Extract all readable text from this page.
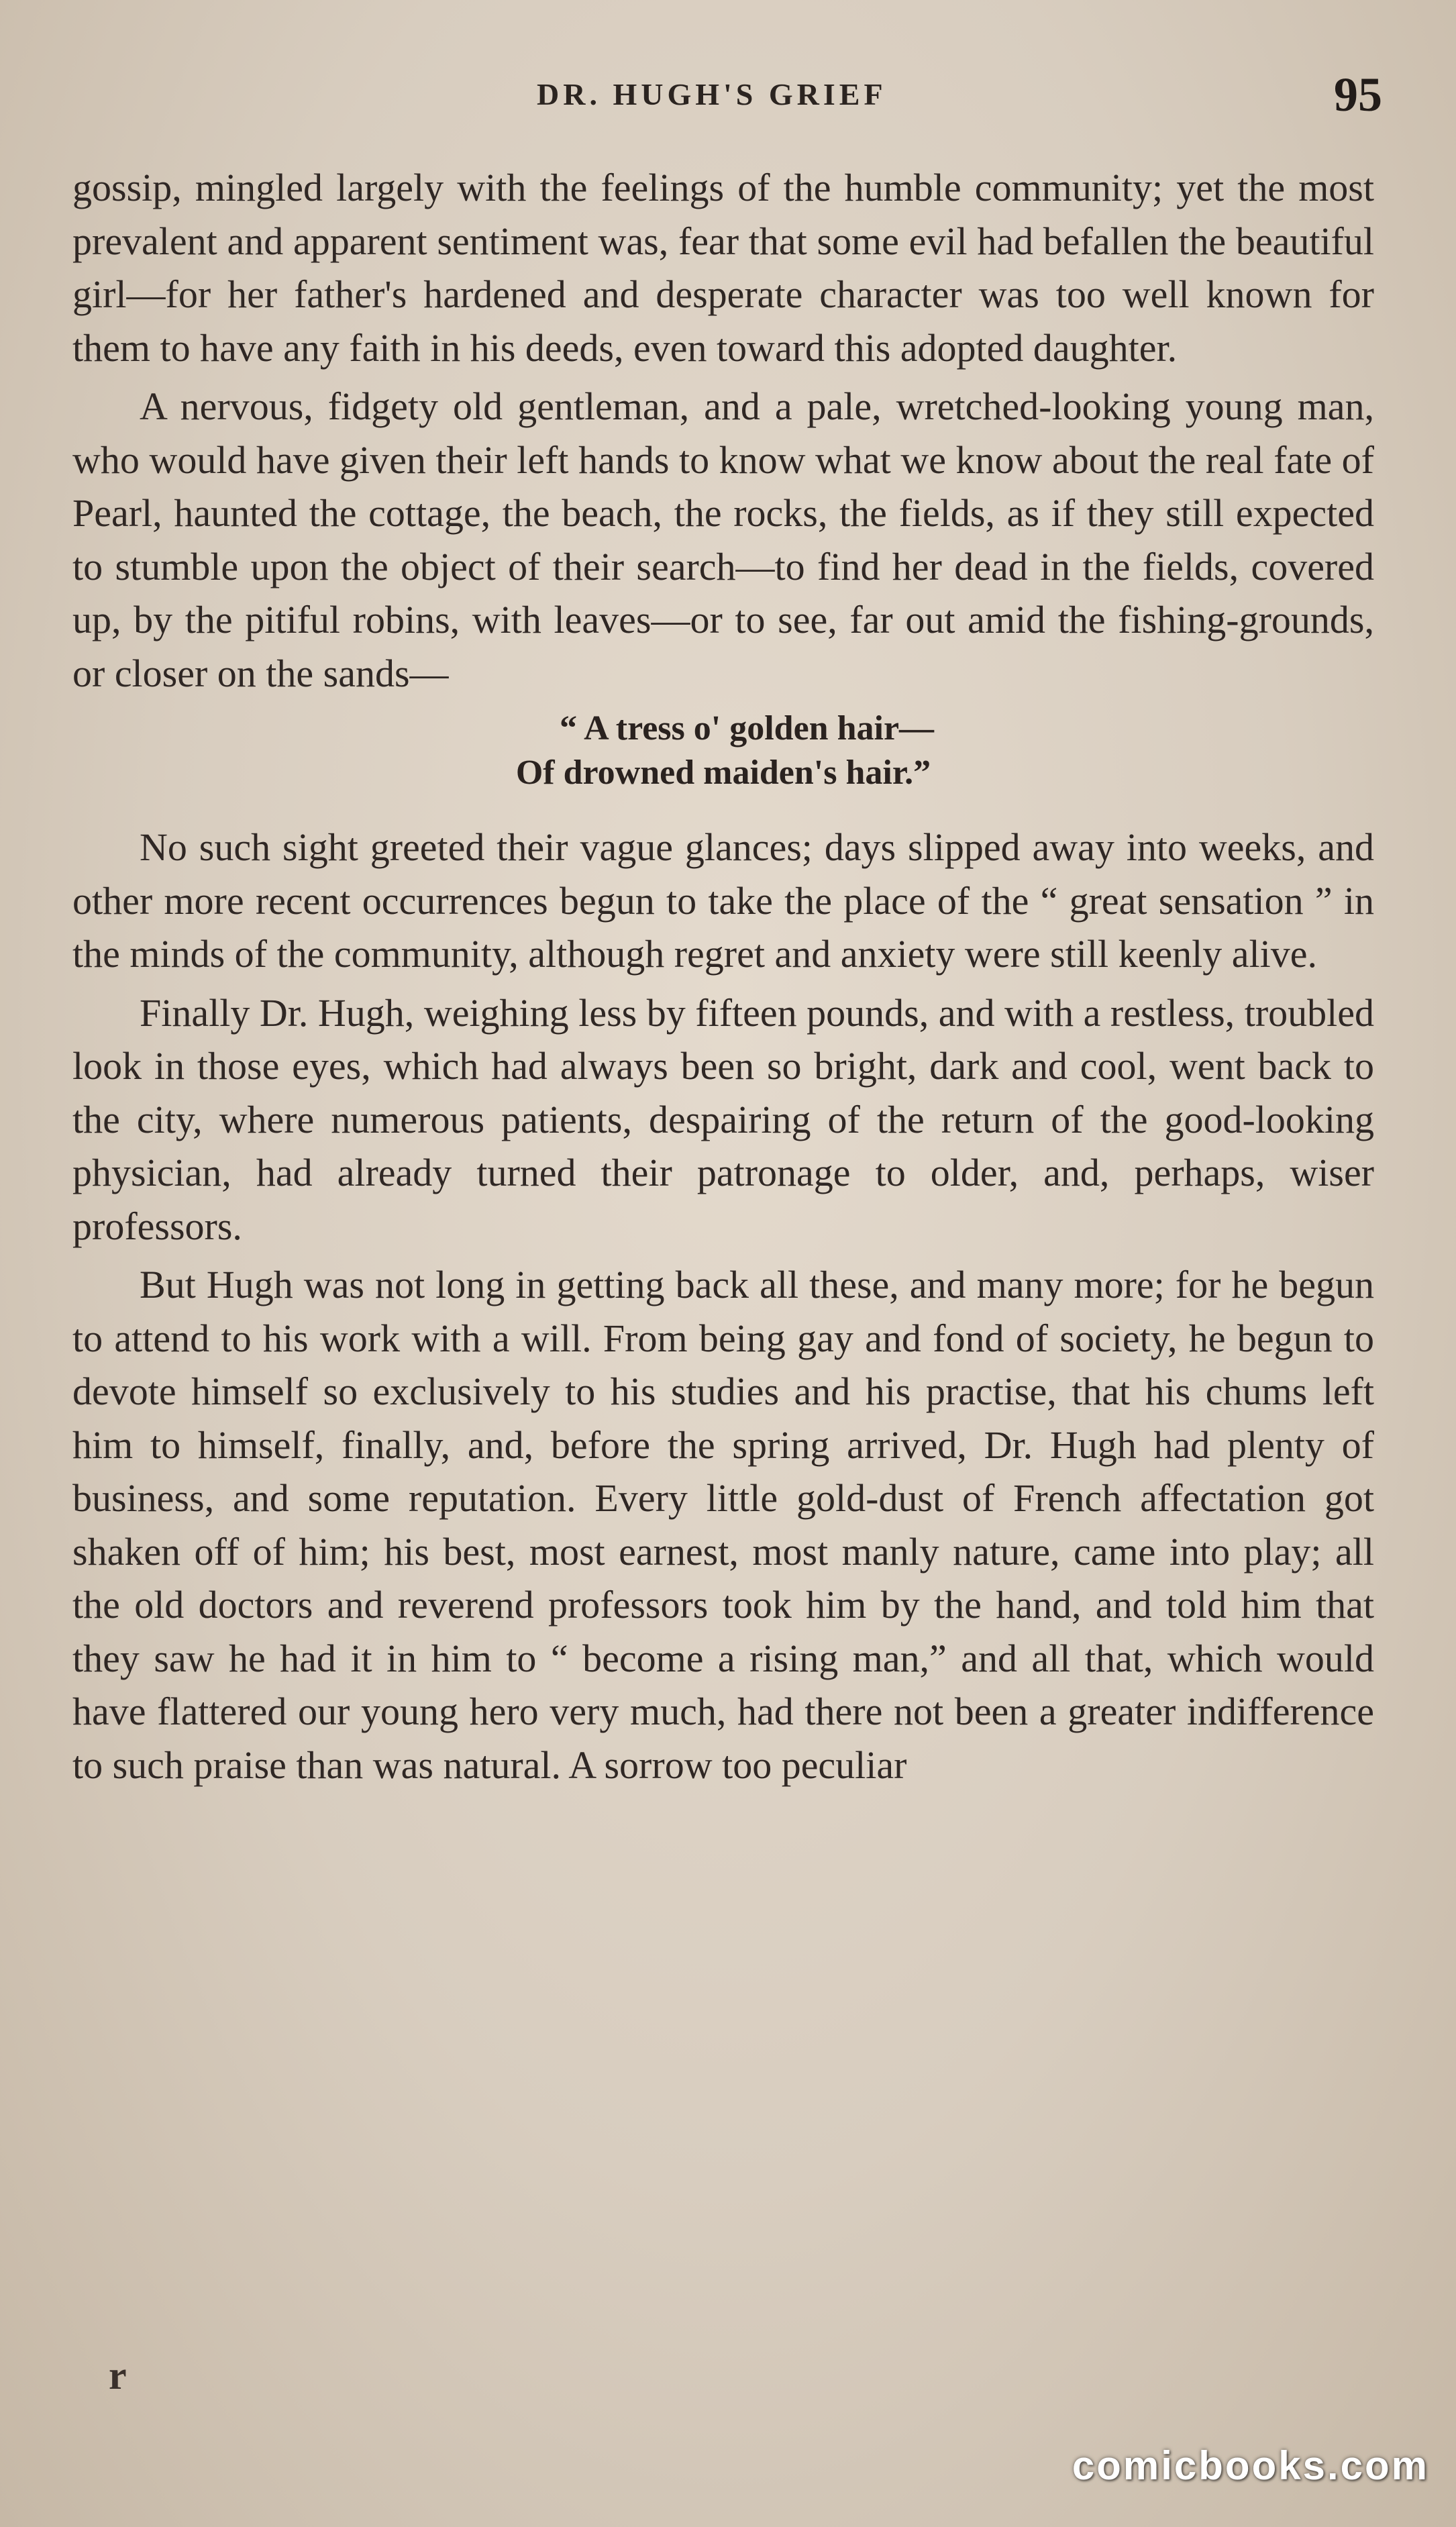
DR. HUGH'S GRIEF	95

gossip, mingled largely with the feelings of the humble community; yet the most prevalent and apparent sentiment was, fear that some evil had befallen the beautiful girl—for her father's hardened and desperate character was too well known for them to have any faith in his deeds, even toward this adopted daughter.

A nervous, fidgety old gentleman, and a pale, wretched-looking young man, who would have given their left hands to know what we know about the real fate of Pearl, haunted the cottage, the beach, the rocks, the fields, as if they still expected to stumble upon the object of their search—to find her dead in the fields, covered up, by the pitiful robins, with leaves—or to see, far out amid the fishing-grounds, or closer on the sands—

“ A tress o' golden hair—
Of drowned maiden's hair.”

No such sight greeted their vague glances; days slipped away into weeks, and other more recent occurrences begun to take the place of the “ great sensation ” in the minds of the community, although regret and anxiety were still keenly alive.

Finally Dr. Hugh, weighing less by fifteen pounds, and with a restless, troubled look in those eyes, which had always been so bright, dark and cool, went back to the city, where numerous patients, despairing of the return of the good-looking physician, had already turned their patronage to older, and, perhaps, wiser professors.

But Hugh was not long in getting back all these, and many more; for he begun to attend to his work with a will. From being gay and fond of society, he begun to devote himself so exclusively to his studies and his practise, that his chums left him to himself, finally, and, before the spring arrived, Dr. Hugh had plenty of business, and some reputation. Every little gold-dust of French affectation got shaken off of him; his best, most earnest, most manly nature, came into play; all the old doctors and reverend professors took him by the hand, and told him that they saw he had it in him to “ become a rising man,” and all that, which would have flattered our young hero very much, had there not been a greater indifference to such praise than was natural. A sorrow too peculiar

r
comicbooks.com
